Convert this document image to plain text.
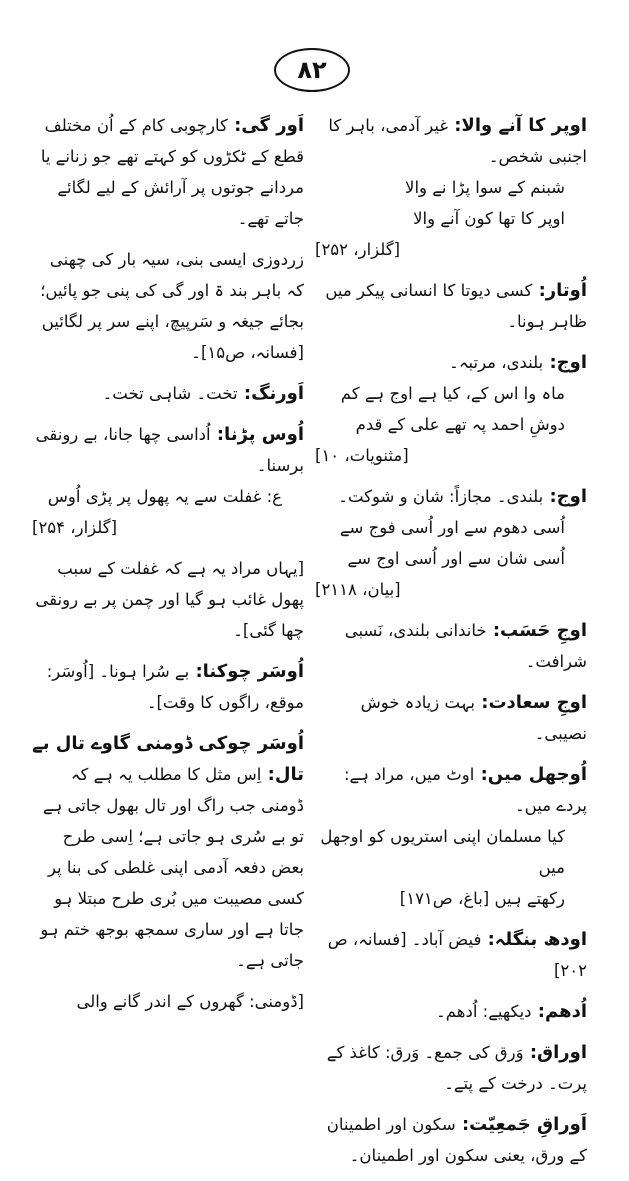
۸۲
اوپر کا آنے والا: غیر آدمی، باہر کا اجنبی شخص۔
شبنم کے سوا پڑا نے والا
اوپر کا تھا کون آنے والا
[گلزار، ۲۵۲]
اُوتار: کسی دیوتا کا انسانی پیکر میں ظاہر ہونا۔
اوج: بلندی، مرتبہ۔
ماہ وا اس کے، کیا ہے اوج ہے کم
دوشِ احمد پہ تھے علی کے قدم
[مثنویات، ۱۰]
اوج: بلندی۔ مجازاً: شان و شوکت۔
اُسی دھوم سے اور اُسی فوج سے
اُسی شان سے اور اُسی اوج سے
[بیان، ۲۱۱۸]
اوجِ حَسَب: خاندانی بلندی، نَسبی شرافت۔
اوجِ سعادت: بہت زیادہ خوش نصیبی۔
اُوجھل میں: اوٹ میں، مراد ہے: پردے میں۔
کیا مسلمان اپنی استریوں کو اوجھل میں
رکھتے ہیں [باغ، ص۱۷۱]
اودھ بنگلہ: فیض آباد۔ [فسانہ، ص ۲۰۲]
اُدھم: دیکھیے: اُدھم۔
اوراق: وَرق کی جمع۔ وَرق: کاغذ کے پرت۔ درخت کے پتے۔
اَوراقِ جَمعِیّت: سکون اور اطمینان کے ورق، یعنی سکون اور اطمینان۔
اَور گی: کارچوبی کام کے اُن مختلف قطع کے ٹکڑوں کو کہتے تھے جو زنانے یا مردانے جوتوں پر آرائش کے لیے لگائے جاتے تھے۔
زردوزی ایسی بنی، سیہ بار کی چھنی کہ باہر بند ۃ اور گی کی پنی جو پائیں؛ بجائے جیغہ و سَرپیچ، اپنے سر پر لگائیں [فسانہ، ص۱۵]۔
اَورنگ: تخت۔ شاہی تخت۔
اُوس پڑنا: اُداسی چھا جانا، بے رونقی برسنا۔
ع: غفلت سے یہ پھول پر پڑی اُوس
[گلزار، ۲۵۴]
[یہاں مراد یہ ہے کہ غفلت کے سبب پھول غائب ہو گیا اور چمن پر بے رونقی چھا گئی]۔
اُوسَر چوکنا: بے سُرا ہونا۔ [اُوسَر: موقع، راگوں کا وقت]۔
اُوسَر چوکی ڈومنی گاوے تال بے تال: اِس مثل کا مطلب یہ ہے کہ ڈومنی جب راگ اور تال بھول جاتی ہے تو بے سُری ہو جاتی ہے؛ اِسی طرح بعض دفعہ آدمی اپنی غلطی کی بنا پر کسی مصیبت میں بُری طرح مبتلا ہو جاتا ہے اور ساری سمجھ بوجھ ختم ہو جاتی ہے۔
[ڈومنی: گھروں کے اندر گانے والی
